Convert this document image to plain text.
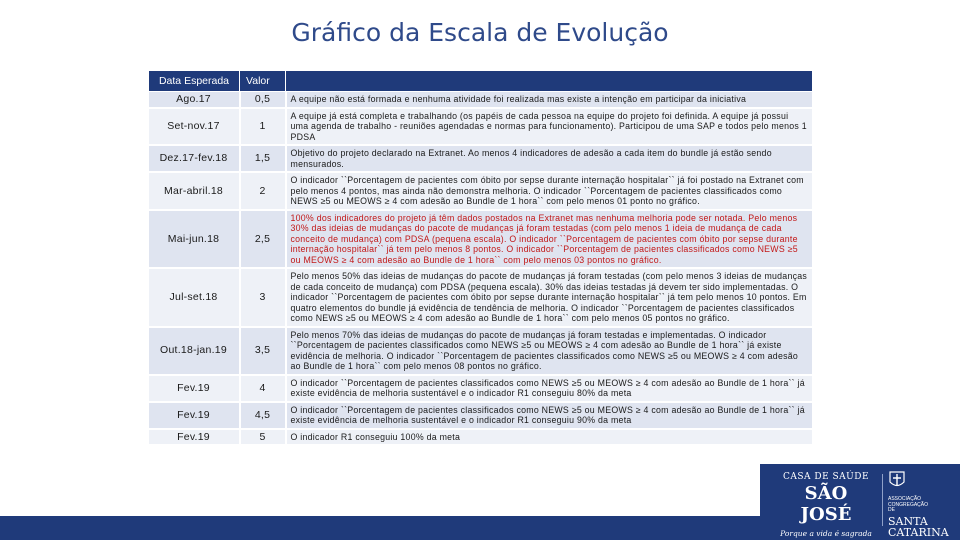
Gráfico da Escala de Evolução
Data Esperada	Valor	
Ago.17	0,5	A equipe não está formada e nenhuma atividade foi realizada mas existe a intenção em participar da iniciativa
Set-nov.17	1	A equipe já está completa e trabalhando (os papéis de cada pessoa na equipe do projeto foi definida. A equipe já possui uma agenda de trabalho - reuniões agendadas e normas para funcionamento). Participou de uma SAP e todos pelo menos 1 PDSA
Dez.17-fev.18	1,5	Objetivo do projeto declarado na Extranet. Ao menos 4 indicadores de adesão a cada item do bundle já estão sendo mensurados.
Mar-abril.18	2	O indicador ``Porcentagem de pacientes com óbito por sepse durante internação hospitalar`` já foi postado na Extranet com pelo menos 4 pontos, mas ainda não demonstra melhoria. O indicador ``Porcentagem de pacientes classificados como NEWS ≥5 ou MEOWS ≥ 4 com adesão ao Bundle de 1 hora`` com pelo menos 01 ponto no gráfico.
Mai-jun.18	2,5	100% dos indicadores do projeto já têm dados postados na Extranet mas nenhuma melhoria pode ser notada. Pelo menos 30% das ideias de mudanças do pacote de mudanças já foram testadas (com pelo menos 1 ideia de mudança de cada conceito de mudança) com PDSA (pequena escala). O indicador ``Porcentagem de pacientes com óbito por sepse durante internação hospitalar`` já tem pelo menos 8 pontos. O indicador ``Porcentagem de pacientes classificados como NEWS ≥5 ou MEOWS ≥ 4 com adesão ao Bundle de 1 hora`` com pelo menos 03 pontos no gráfico.
Jul-set.18	3	Pelo menos 50% das ideias de mudanças do pacote de mudanças já foram testadas (com pelo menos 3 ideias de mudanças de cada conceito de mudança) com PDSA (pequena escala). 30% das ideias testadas já devem ter sido implementadas. O indicador ``Porcentagem de pacientes com óbito por sepse durante internação hospitalar`` já tem pelo menos 10 pontos. Em quatro elementos do bundle já evidência de tendência de melhoria. O indicador ``Porcentagem de pacientes classificados como NEWS ≥5 ou MEOWS ≥ 4 com adesão ao Bundle de 1 hora`` com pelo menos 05 pontos no gráfico.
Out.18-jan.19	3,5	Pelo menos 70% das ideias de mudanças do pacote de mudanças já foram testadas e implementadas. O indicador ``Porcentagem de pacientes classificados como NEWS ≥5 ou MEOWS ≥ 4 com adesão ao Bundle de 1 hora`` já existe evidência de melhoria. O indicador ``Porcentagem de pacientes classificados como NEWS ≥5 ou MEOWS ≥ 4 com adesão ao Bundle de 1 hora`` com pelo menos 08 pontos no gráfico.
Fev.19	4	O indicador ``Porcentagem de pacientes classificados como NEWS ≥5 ou MEOWS ≥ 4 com adesão ao Bundle de 1 hora`` já existe evidência de melhoria sustentável e o indicador R1 conseguiu 80% da meta
Fev.19	4,5	O indicador ``Porcentagem de pacientes classificados como NEWS ≥5 ou MEOWS ≥ 4 com adesão ao Bundle de 1 hora`` já existe evidência de melhoria sustentável e o indicador R1 conseguiu 90% da meta
Fev.19	5	O indicador R1 conseguiu 100% da meta
CASA DE SAÚDE
SÃO JOSÉ
Porque a vida é sagrada
ASSOCIAÇÃO
CONGREGAÇÃO
DE
SANTA CATARINA
